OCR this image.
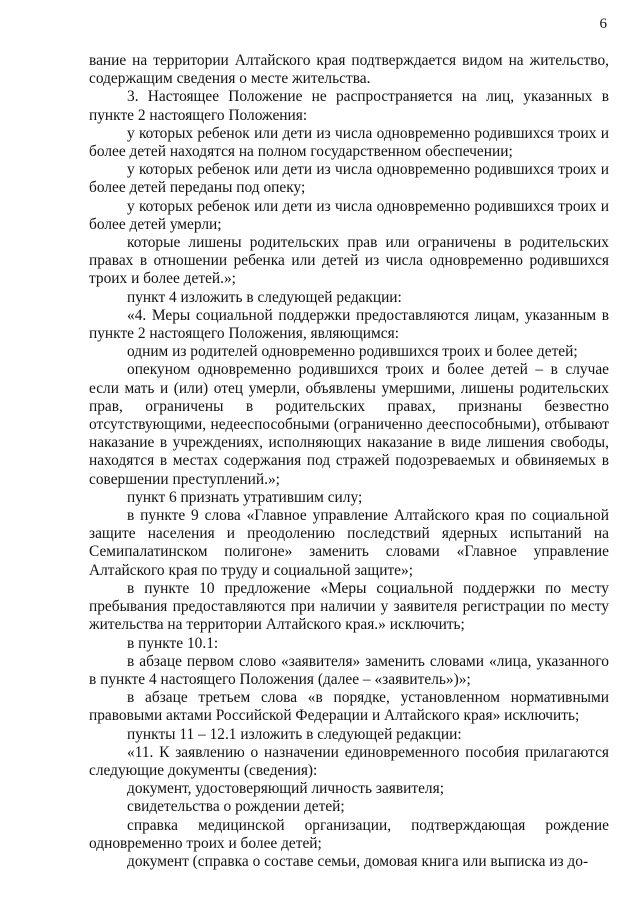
6

вание на территории Алтайского края подтверждается видом на жительство, содержащим сведения о месте жительства.

3. Настоящее Положение не распространяется на лиц, указанных в пункте 2 настоящего Положения:

у которых ребенок или дети из числа одновременно родившихся троих и более детей находятся на полном государственном обеспечении;

у которых ребенок или дети из числа одновременно родившихся троих и более детей переданы под опеку;

у которых ребенок или дети из числа одновременно родившихся троих и более детей умерли;

которые лишены родительских прав или ограничены в родительских правах в отношении ребенка или детей из числа одновременно родившихся троих и более детей.»;

пункт 4 изложить в следующей редакции:

«4. Меры социальной поддержки предоставляются лицам, указанным в пункте 2 настоящего Положения, являющимся:

одним из родителей одновременно родившихся троих и более детей;

опекуном одновременно родившихся троих и более детей – в случае если мать и (или) отец умерли, объявлены умершими, лишены родительских прав, ограничены в родительских правах, признаны безвестно отсутствующими, недееспособными (ограниченно дееспособными), отбывают наказание в учреждениях, исполняющих наказание в виде лишения свободы, находятся в местах содержания под стражей подозреваемых и обвиняемых в совершении преступлений.»;

пункт 6 признать утратившим силу;

в пункте 9 слова «Главное управление Алтайского края по социальной защите населения и преодолению последствий ядерных испытаний на Семипалатинском полигоне» заменить словами «Главное управление Алтайского края по труду и социальной защите»;

в пункте 10 предложение «Меры социальной поддержки по месту пребывания предоставляются при наличии у заявителя регистрации по месту жительства на территории Алтайского края.» исключить;

в пункте 10.1:

в абзаце первом слово «заявителя» заменить словами «лица, указанного в пункте 4 настоящего Положения (далее – «заявитель»)»;

в абзаце третьем слова «в порядке, установленном нормативными правовыми актами Российской Федерации и Алтайского края» исключить;

пункты 11 – 12.1 изложить в следующей редакции:

«11. К заявлению о назначении единовременного пособия прилагаются следующие документы (сведения):

документ, удостоверяющий личность заявителя;

свидетельства о рождении детей;

справка медицинской организации, подтверждающая рождение одновременно троих и более детей;

документ (справка о составе семьи, домовая книга или выписка из до-
